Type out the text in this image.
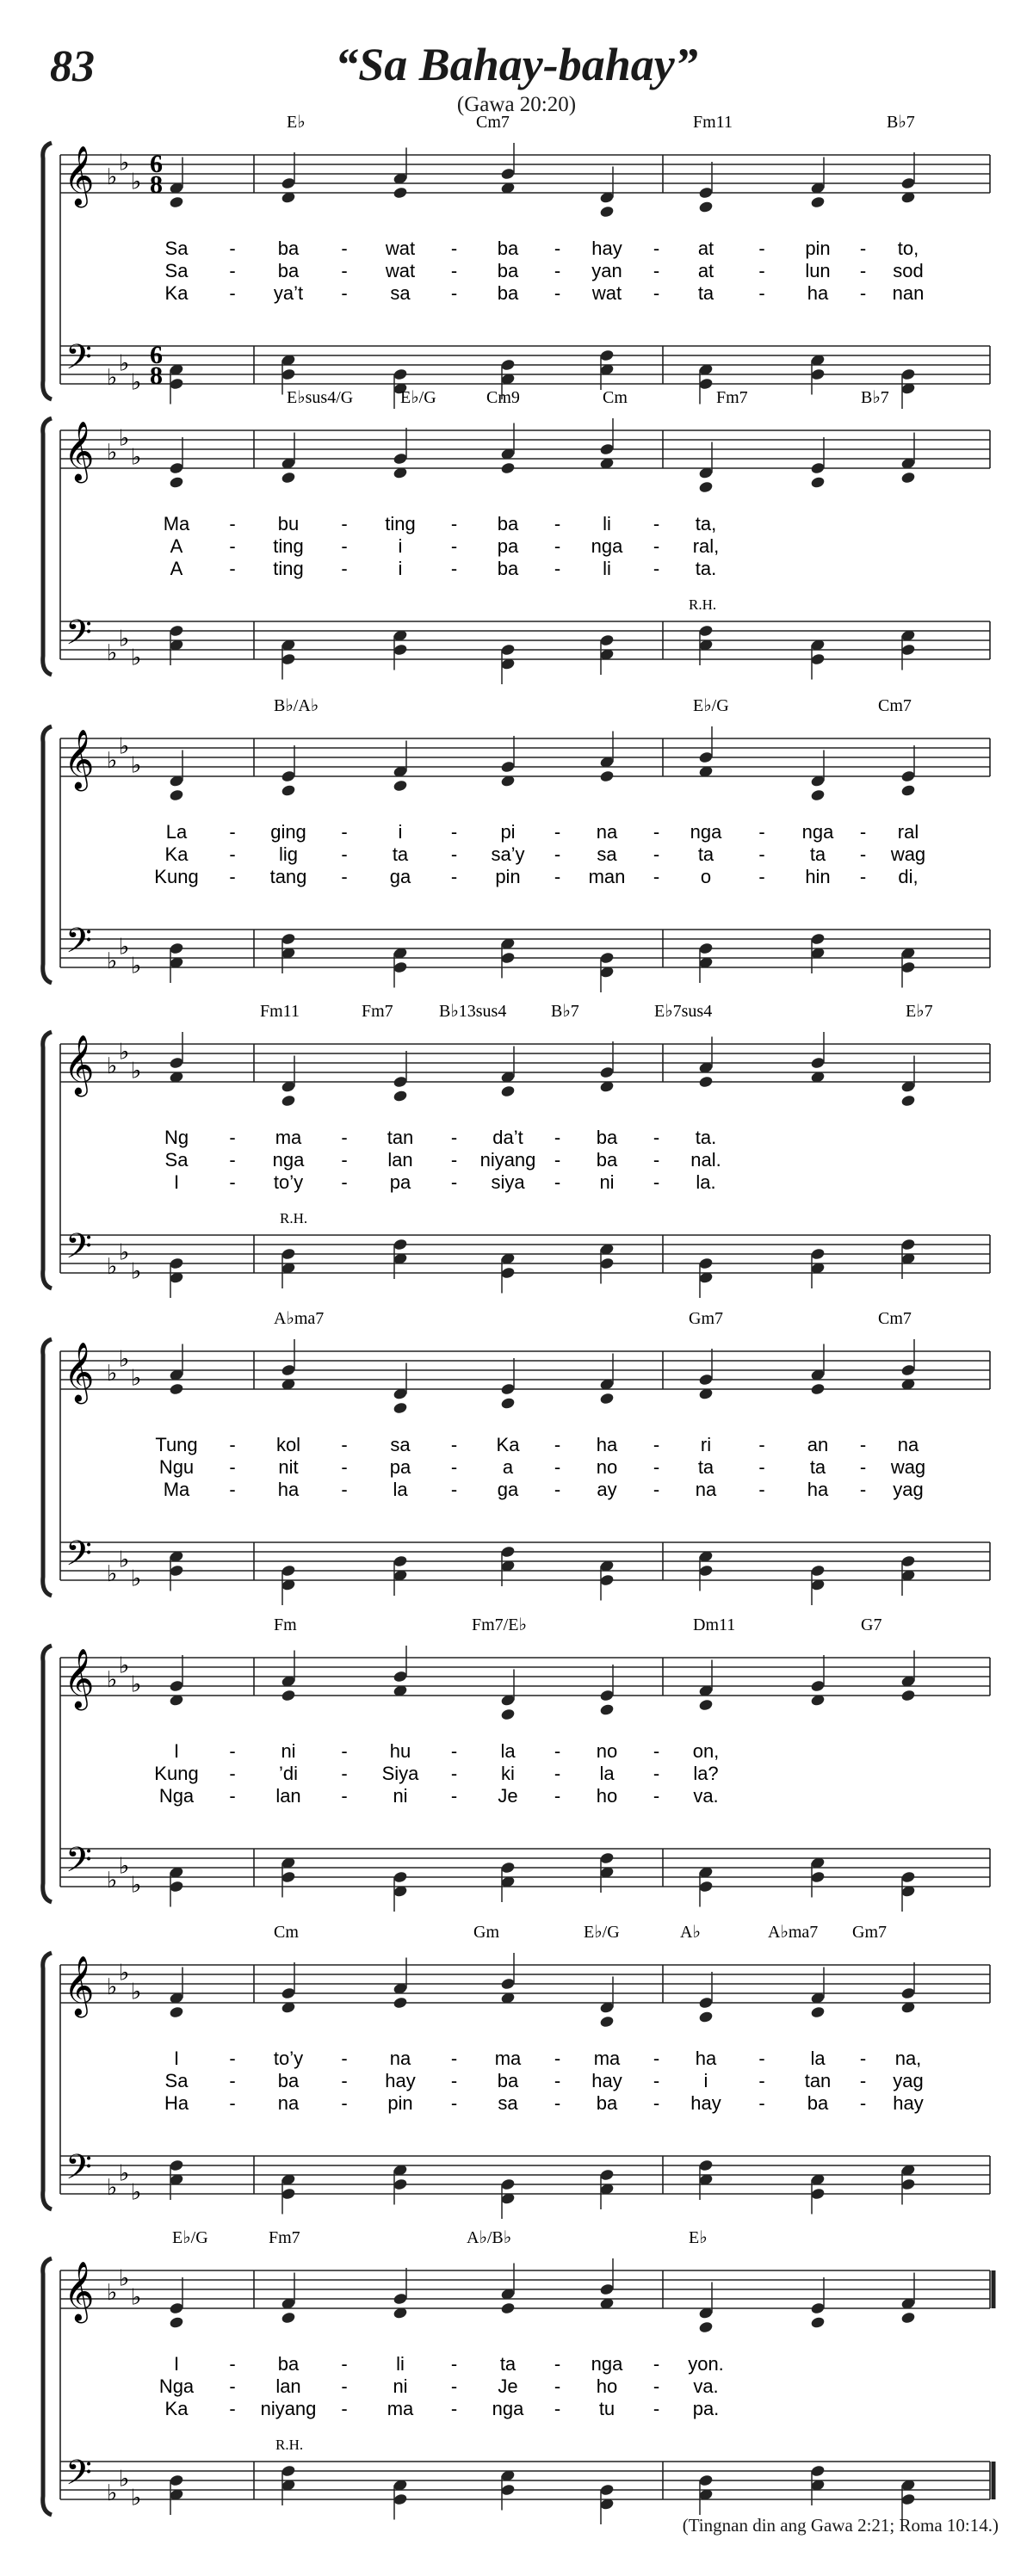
83	“Sa Bahay-bahay”
(Gawa 20:20)
𝄞
𝄢
♭
♭
♭
♭
♭
♭
6
8
6
8
E♭	Cm7	Fm11	B♭7
Sa - ba - wat - ba - hay - at - pin - to,
Sa - ba - wat - ba - yan - at - lun - sod
Ka - ya’t - sa - ba - wat - ta - ha - nan
𝄞
𝄢
♭
♭
♭
♭
♭
♭
E♭sus4/G	E♭/G	Cm9	Cm	Fm7	B♭7
R.H.
Ma - bu - ting - ba - li - ta,
A - ting -	i	- pa - nga - ral,
A - ting -	i	- ba - li - ta.
𝄞
𝄢
♭
♭
♭
♭
♭
♭
B♭/A♭	E♭/G	Cm7
La - ging -	i	- pi - na - nga - nga - ral
Ka - lig - ta - sa’y - sa - ta - ta - wag
Kung - tang - ga - pin - man - o	- hin - di,
𝄞
𝄢
♭
♭
♭
♭
♭
♭
Fm11	Fm7	B♭13sus4	B♭7	E♭7sus4	E♭7
R.H.
Ng - ma - tan - da’t - ba - ta.
Sa - nga - lan - niyang - ba - nal.
I	- to’y - pa - siya - ni - la.
𝄞
𝄢
♭
♭
♭
♭
♭
♭
A♭ma7	Gm7	Cm7
Tung - kol - sa - Ka - ha - ri	- an - na
Ngu - nit - pa - a - no - ta - ta - wag
Ma - ha - la - ga - ay - na - ha - yag
𝄞
𝄢
♭
♭
♭
♭
♭
♭
Fm	Fm7/E♭	Dm11	G7
I	- ni - hu - la - no - on,
Kung - ’di - Siya - ki - la - la?
Nga - lan - ni - Je - ho - va.
𝄞
𝄢
♭
♭
♭
♭
♭
♭
Cm	Gm	E♭/G	A♭	A♭ma7 Gm7
I	- to’y - na - ma - ma - ha - la - na,
Sa - ba - hay - ba - hay - i	- tan - yag
Ha - na - pin - sa - ba - hay - ba - hay
𝄞
𝄢
♭
♭
♭
♭
♭
♭
E♭/G	Fm7	A♭/B♭	E♭
R.H.
I	- ba -	li - ta - nga - yon.
Nga - lan - ni - Je - ho - va.
Ka - niyang - ma - nga - tu - pa.
(Tingnan din ang Gawa 2:21; Roma 10:14.)
